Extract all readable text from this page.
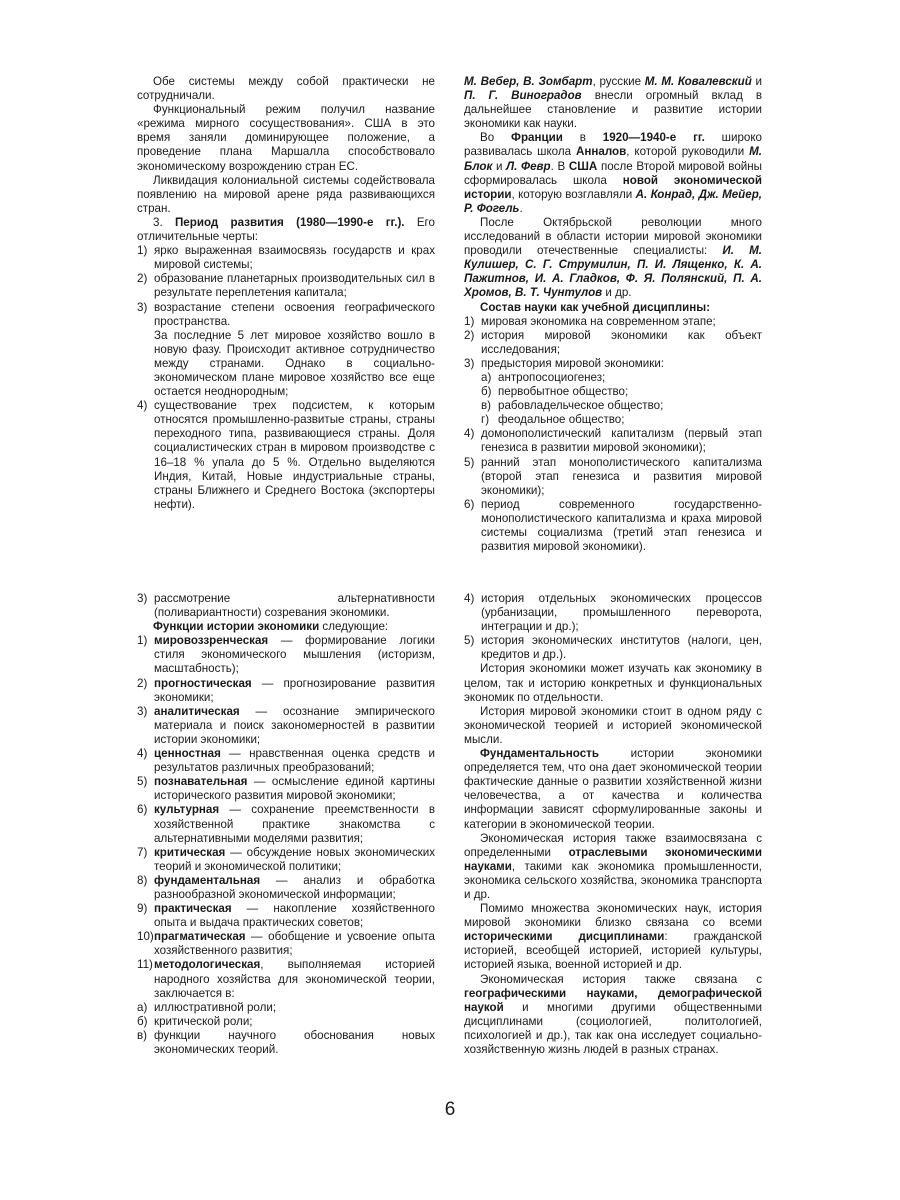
Обе системы между собой практически не сотрудничали.

Функциональный режим получил название «режима мирного сосуществования». США в это время заняли доминирующее положение, а проведение плана Маршалла способствовало экономическому возрождению стран ЕС.

Ликвидация колониальной системы содействовала появлению на мировой арене ряда развивающихся стран.

3. Период развития (1980—1990-е гг.). Его отличительные черты:

1) ярко выраженная взаимосвязь государств и крах мировой системы;
2) образование планетарных производительных сил в результате переплетения капитала;
3) возрастание степени освоения географического пространства.
За последние 5 лет мировое хозяйство вошло в новую фазу. Происходит активное сотрудничество между странами. Однако в социально-экономическом плане мировое хозяйство все еще остается неоднородным;
4) существование трех подсистем, к которым относятся промышленно-развитые страны, страны переходного типа, развивающиеся страны. Доля социалистических стран в мировом производстве с 16–18 % упала до 5 %. Отдельно выделяются Индия, Китай, Новые индустриальные страны, страны Ближнего и Среднего Востока (экспортеры нефти).

М. Вебер, В. Зомбарт, русские М. М. Ковалевский и П. Г. Виноградов внесли огромный вклад в дальнейшее становление и развитие истории экономики как науки.

Во Франции в 1920—1940-е гг. широко развивалась школа Анналов, которой руководили М. Блок и Л. Февр. В США после Второй мировой войны сформировалась школа новой экономической истории, которую возглавляли А. Конрад, Дж. Мейер, Р. Фогель.

После Октябрьской революции много исследований в области истории мировой экономики проводили отечественные специалисты: И. М. Кулишер, С. Г. Струмилин, П. И. Лященко, К. А. Пажитнов, И. А. Гладков, Ф. Я. Полянский, П. А. Хромов, В. Т. Чунтулов и др.

Состав науки как учебной дисциплины:

1) мировая экономика на современном этапе;
2) история мировой экономики как объект исследования;
3) предыстория мировой экономики:
а) антропосоциогенез;
б) первобытное общество;
в) рабовладельческое общество;
г) феодальное общество;
4) домонополистический капитализм (первый этап генезиса в развитии мировой экономики);
5) ранний этап монополистического капитализма (второй этап генезиса и развития мировой экономики);
6) период современного государственно-монополистического капитализма и краха мировой системы социализма (третий этап генезиса и развития мировой экономики).
3) рассмотрение альтернативности (поливариантности) созревания экономики.

Функции истории экономики следующие:

1) мировоззренческая — формирование логики стиля экономического мышления (историзм, масштабность);
2) прогностическая — прогнозирование развития экономики;
3) аналитическая — осознание эмпирического материала и поиск закономерностей в развитии истории экономики;
4) ценностная — нравственная оценка средств и результатов различных преобразований;
5) познавательная — осмысление единой картины исторического развития мировой экономики;
6) культурная — сохранение преемственности в хозяйственной практике знакомства с альтернативными моделями развития;
7) критическая — обсуждение новых экономических теорий и экономической политики;
8) фундаментальная — анализ и обработка разнообразной экономической информации;
9) практическая — накопление хозяйственного опыта и выдача практических советов;
10) прагматическая — обобщение и усвоение опыта хозяйственного развития;
11) методологическая, выполняемая историей народного хозяйства для экономической теории, заключается в:
а) иллюстративной роли;
б) критической роли;
в) функции научного обоснования новых экономических теорий.
4) история отдельных экономических процессов (урбанизации, промышленного переворота, интеграции и др.);
5) история экономических институтов (налоги, цен, кредитов и др.).

История экономики может изучать как экономику в целом, так и историю конкретных и функциональных экономик по отдельности.

История мировой экономики стоит в одном ряду с экономической теорией и историей экономической мысли.

Фундаментальность истории экономики определяется тем, что она дает экономической теории фактические данные о развитии хозяйственной жизни человечества, а от качества и количества информации зависят сформулированные законы и категории в экономической теории.

Экономическая история также взаимосвязана с определенными отраслевыми экономическими науками, такими как экономика промышленности, экономика сельского хозяйства, экономика транспорта и др.

Помимо множества экономических наук, история мировой экономики близко связана со всеми историческими дисциплинами: гражданской историей, всеобщей историей, историей культуры, историей языка, военной историей и др.

Экономическая история также связана с географическими науками, демографической наукой и многими другими общественными дисциплинами (социологией, политологией, психологией и др.), так как она исследует социально-хозяйственную жизнь людей в разных странах.

6
